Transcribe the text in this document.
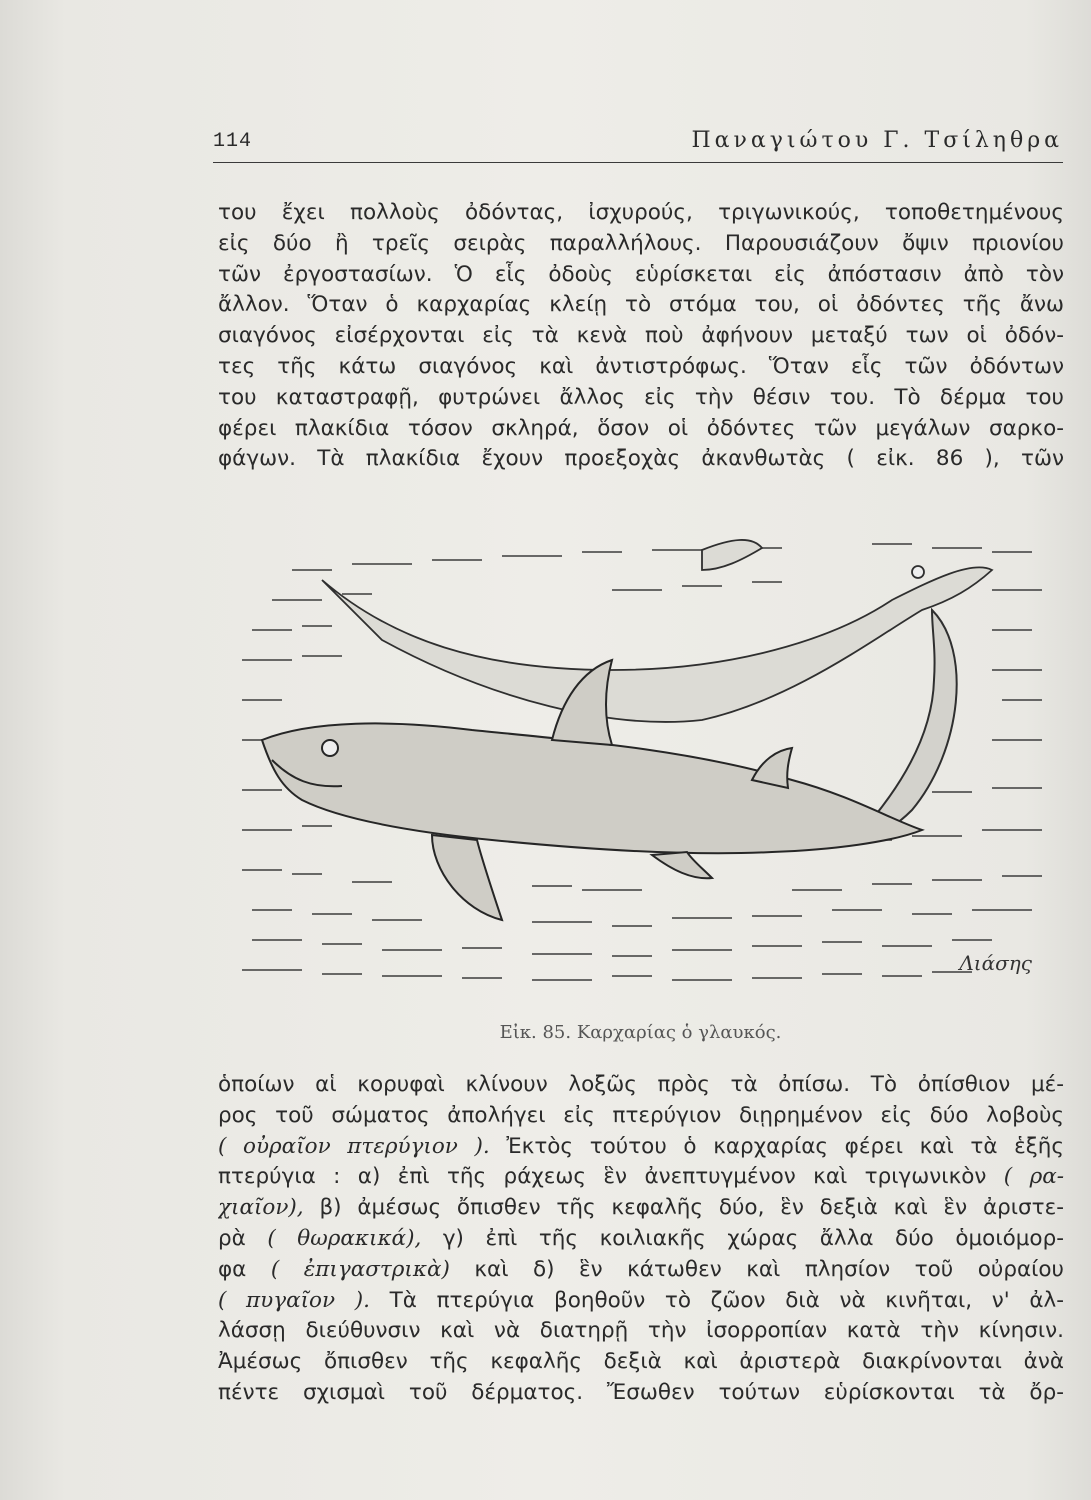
114	Παναγιώτου Γ. Τσίληθρα
του ἔχει πολλοὺς ὀδόντας, ἰσχυρούς, τριγωνικούς, τοποθετημένους
εἰς δύο ἢ τρεῖς σειρὰς παραλλήλους. Παρουσιάζουν ὄψιν πριονίου
τῶν ἐργοστασίων. Ὁ εἷς ὀδοὺς εὑρίσκεται εἰς ἀπόστασιν ἀπὸ τὸν
ἄλλον. Ὅταν ὁ καρχαρίας κλείῃ τὸ στόμα του, οἱ ὀδόντες τῆς ἄνω
σιαγόνος εἰσέρχονται εἰς τὰ κενὰ ποὺ ἀφήνουν μεταξύ των οἱ ὀδόν-
τες τῆς κάτω σιαγόνος καὶ ἀντιστρόφως. Ὅταν εἷς τῶν ὀδόντων
του καταστραφῇ, φυτρώνει ἄλλος εἰς τὴν θέσιν του. Τὸ δέρμα του
φέρει πλακίδια τόσον σκληρά, ὅσον οἱ ὀδόντες τῶν μεγάλων σαρκο-
φάγων. Τὰ πλακίδια ἔχουν προεξοχὰς ἀκανθωτὰς ( εἰκ. 86 ), τῶν
Λιάσης
Εἰκ. 85. Καρχαρίας ὁ γλαυκός.
ὁποίων αἱ κορυφαὶ κλίνουν λοξῶς πρὸς τὰ ὀπίσω. Τὸ ὀπίσθιον μέ-
ρος τοῦ σώματος ἀπολήγει εἰς πτερύγιον διῃρημένον εἰς δύο λοβοὺς
( οὐραῖον πτερύγιον ). Ἐκτὸς τούτου ὁ καρχαρίας φέρει καὶ τὰ ἑξῆς
πτερύγια : α) ἐπὶ τῆς ράχεως ἓν ἀνεπτυγμένον καὶ τριγωνικὸν ( ρα-
χιαῖον), β) ἀμέσως ὄπισθεν τῆς κεφαλῆς δύο, ἓν δεξιὰ καὶ ἓν ἀριστε-
ρὰ ( θωρακικά), γ) ἐπὶ τῆς κοιλιακῆς χώρας ἄλλα δύο ὁμοιόμορ-
φα ( ἐπιγαστρικὰ) καὶ δ) ἓν κάτωθεν καὶ πλησίον τοῦ οὐραίου
( πυγαῖον ). Τὰ πτερύγια βοηθοῦν τὸ ζῶον διὰ νὰ κινῆται, ν' ἀλ-
λάσσῃ διεύθυνσιν καὶ νὰ διατηρῇ τὴν ἰσορροπίαν κατὰ τὴν κίνησιν.
Ἀμέσως ὄπισθεν τῆς κεφαλῆς δεξιὰ καὶ ἀριστερὰ διακρίνονται ἀνὰ
πέντε σχισμαὶ τοῦ δέρματος. Ἔσωθεν τούτων εὑρίσκονται τὰ ὄρ-
